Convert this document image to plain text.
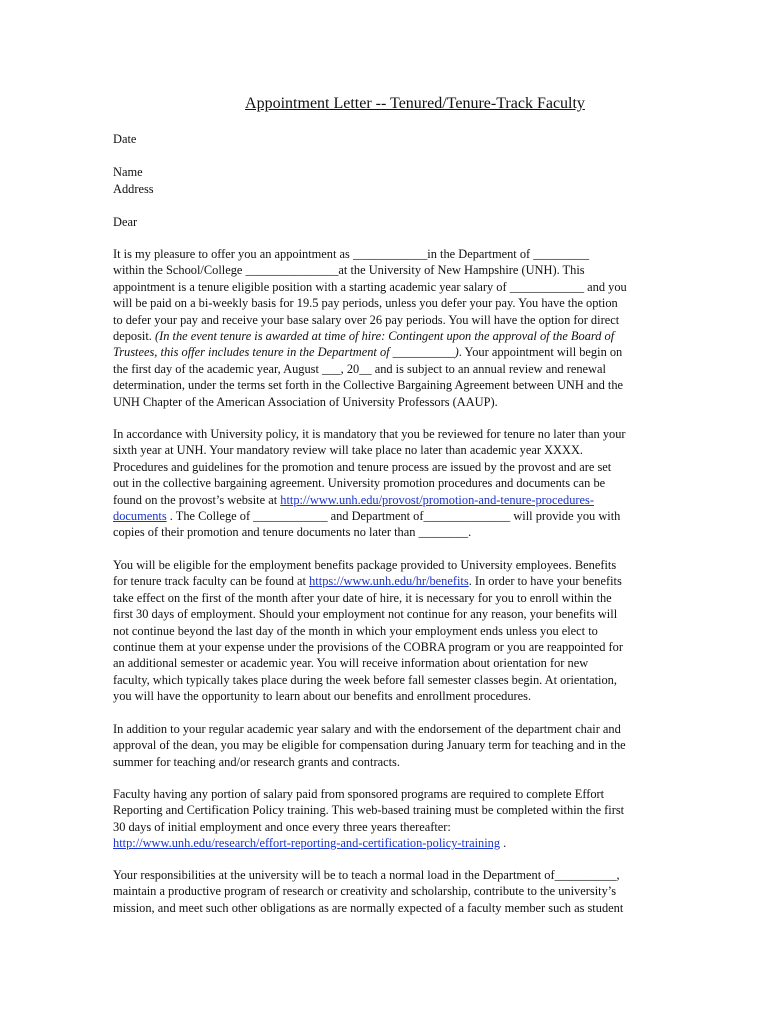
Appointment Letter -- Tenured/Tenure-Track Faculty
Date
Name
Address
Dear
It is my pleasure to offer you an appointment as ____________in the Department of _________
within the School/College _______________at the University of New Hampshire (UNH). This
appointment is a tenure eligible position with a starting academic year salary of ____________ and you
will be paid on a bi-weekly basis for 19.5 pay periods, unless you defer your pay. You have the option
to defer your pay and receive your base salary over 26 pay periods. You will have the option for direct
deposit. (In the event tenure is awarded at time of hire: Contingent upon the approval of the Board of
Trustees, this offer includes tenure in the Department of __________). Your appointment will begin on
the first day of the academic year, August ___, 20__ and is subject to an annual review and renewal
determination, under the terms set forth in the Collective Bargaining Agreement between UNH and the
UNH Chapter of the American Association of University Professors (AAUP).
In accordance with University policy, it is mandatory that you be reviewed for tenure no later than your
sixth year at UNH. Your mandatory review will take place no later than academic year XXXX.
Procedures and guidelines for the promotion and tenure process are issued by the provost and are set
out in the collective bargaining agreement. University promotion procedures and documents can be
found on the provost’s website at http://www.unh.edu/provost/promotion-and-tenure-procedures-
documents . The College of ____________ and Department of______________ will provide you with
copies of their promotion and tenure documents no later than ________.
You will be eligible for the employment benefits package provided to University employees. Benefits
for tenure track faculty can be found at https://www.unh.edu/hr/benefits. In order to have your benefits
take effect on the first of the month after your date of hire, it is necessary for you to enroll within the
first 30 days of employment. Should your employment not continue for any reason, your benefits will
not continue beyond the last day of the month in which your employment ends unless you elect to
continue them at your expense under the provisions of the COBRA program or you are reappointed for
an additional semester or academic year. You will receive information about orientation for new
faculty, which typically takes place during the week before fall semester classes begin. At orientation,
you will have the opportunity to learn about our benefits and enrollment procedures.
In addition to your regular academic year salary and with the endorsement of the department chair and
approval of the dean, you may be eligible for compensation during January term for teaching and in the
summer for teaching and/or research grants and contracts.
Faculty having any portion of salary paid from sponsored programs are required to complete Effort
Reporting and Certification Policy training. This web-based training must be completed within the first
30 days of initial employment and once every three years thereafter:
http://www.unh.edu/research/effort-reporting-and-certification-policy-training .
Your responsibilities at the university will be to teach a normal load in the Department of__________,
maintain a productive program of research or creativity and scholarship, contribute to the university’s
mission, and meet such other obligations as are normally expected of a faculty member such as student
